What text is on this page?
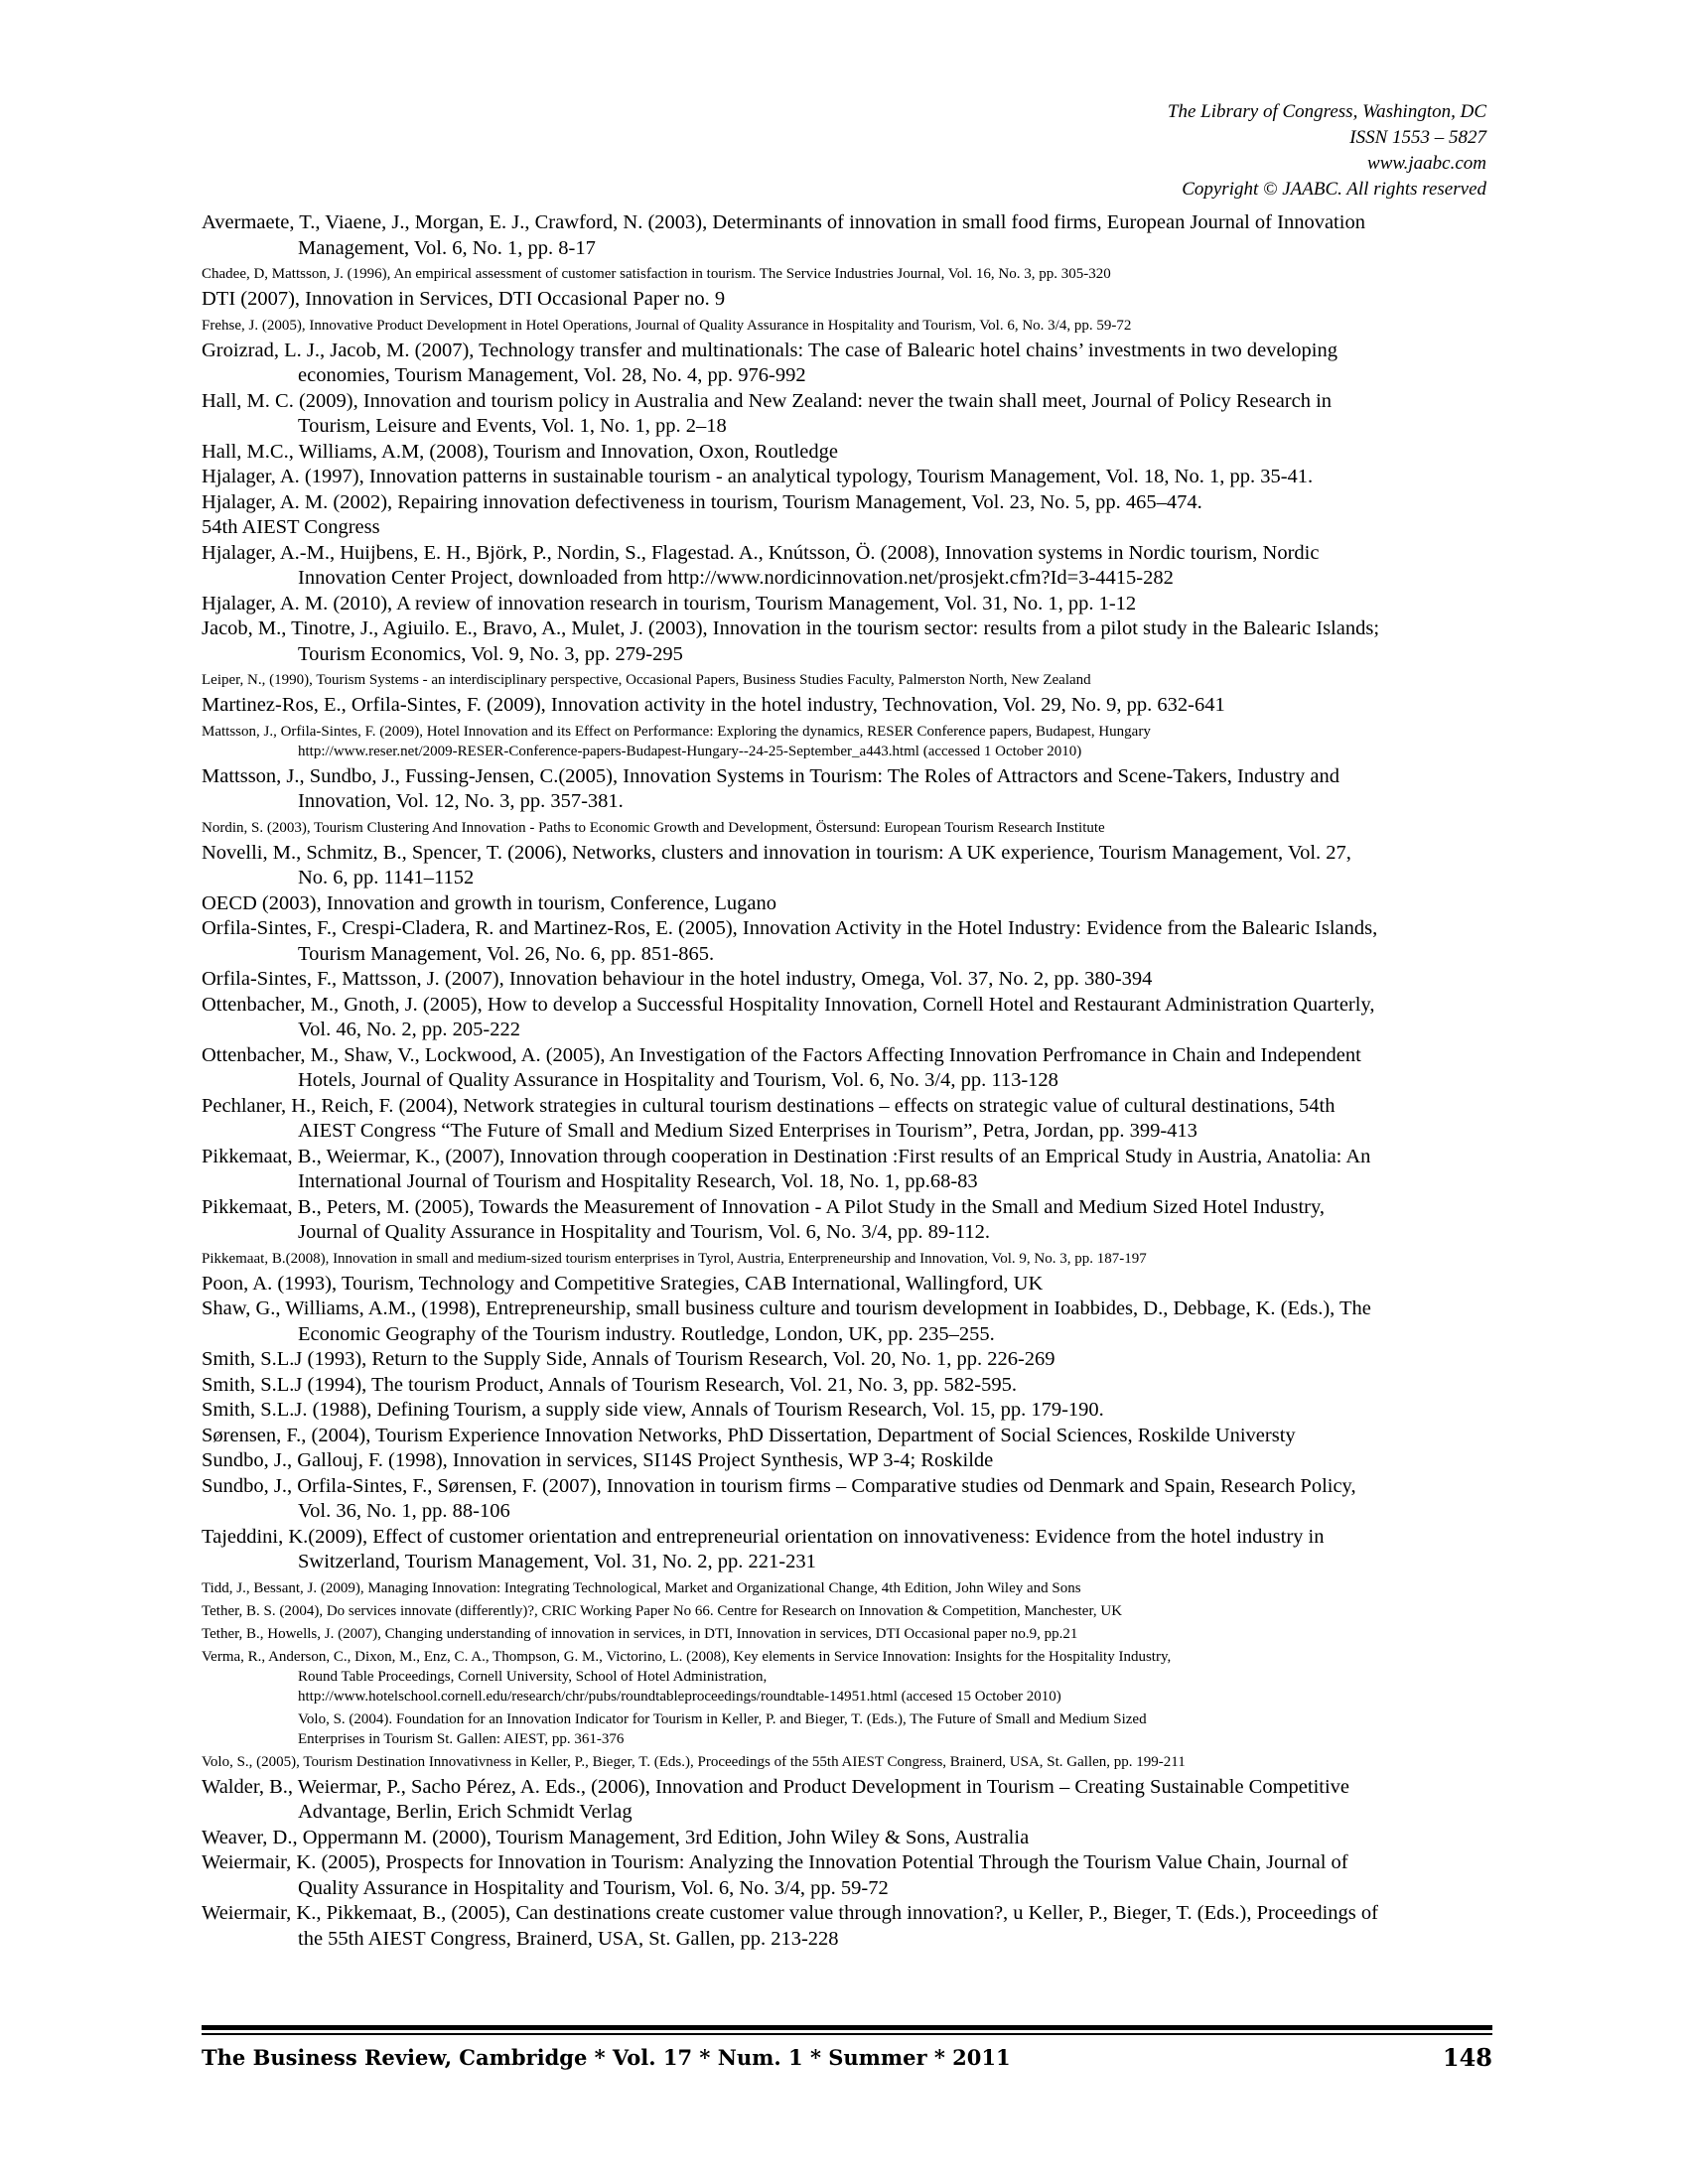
The Library of Congress, Washington, DC
ISSN 1553 – 5827
www.jaabc.com
Copyright © JAABC. All rights reserved
Avermaete, T., Viaene, J., Morgan, E. J., Crawford, N. (2003), Determinants of innovation in small food firms, European Journal of Innovation
Management, Vol. 6, No. 1, pp. 8-17
Chadee, D, Mattsson, J. (1996), An empirical assessment of customer satisfaction in tourism. The Service Industries Journal, Vol. 16, No. 3, pp. 305-320
DTI (2007), Innovation in Services, DTI Occasional Paper no. 9
Frehse, J. (2005), Innovative Product Development in Hotel Operations, Journal of Quality Assurance in Hospitality and Tourism, Vol. 6, No. 3/4, pp. 59-72
Groizrad, L. J., Jacob, M. (2007), Technology transfer and multinationals: The case of Balearic hotel chains’ investments in two developing
economies, Tourism Management, Vol. 28, No. 4, pp. 976-992
Hall, M. C. (2009), Innovation and tourism policy in Australia and New Zealand: never the twain shall meet, Journal of Policy Research in
Tourism, Leisure and Events, Vol. 1, No. 1, pp. 2–18
Hall, M.C., Williams, A.M, (2008), Tourism and Innovation, Oxon, Routledge
Hjalager, A. (1997), Innovation patterns in sustainable tourism - an analytical typology, Tourism Management, Vol. 18, No. 1, pp. 35-41.
Hjalager, A. M. (2002), Repairing innovation defectiveness in tourism, Tourism Management, Vol. 23, No. 5, pp. 465–474.
54th AIEST Congress
Hjalager, A.-M., Huijbens, E. H., Björk, P., Nordin, S., Flagestad. A., Knútsson, Ö. (2008), Innovation systems in Nordic tourism, Nordic
Innovation Center Project, downloaded from http://www.nordicinnovation.net/prosjekt.cfm?Id=3-4415-282
Hjalager, A. M. (2010), A review of innovation research in tourism, Tourism Management, Vol. 31, No. 1, pp. 1-12
Jacob, M., Tinotre, J., Agiuilo. E., Bravo, A., Mulet, J. (2003), Innovation in the tourism sector: results from a pilot study in the Balearic Islands;
Tourism Economics, Vol. 9, No. 3, pp. 279-295
Leiper, N., (1990), Tourism Systems - an interdisciplinary perspective, Occasional Papers, Business Studies Faculty, Palmerston North, New Zealand
Martinez-Ros, E., Orfila-Sintes, F. (2009), Innovation activity in the hotel industry, Technovation, Vol. 29, No. 9, pp. 632-641
Mattsson, J., Orfila-Sintes, F. (2009), Hotel Innovation and its Effect on Performance: Exploring the dynamics, RESER Conference papers, Budapest, Hungary
http://www.reser.net/2009-RESER-Conference-papers-Budapest-Hungary--24-25-September_a443.html (accessed 1 October 2010)
Mattsson, J., Sundbo, J., Fussing-Jensen, C.(2005), Innovation Systems in Tourism: The Roles of Attractors and Scene-Takers, Industry and
Innovation, Vol. 12, No. 3, pp. 357-381.
Nordin, S. (2003), Tourism Clustering And Innovation - Paths to Economic Growth and Development, Östersund: European Tourism Research Institute
Novelli, M., Schmitz, B., Spencer, T. (2006), Networks, clusters and innovation in tourism: A UK experience, Tourism Management, Vol. 27,
No. 6, pp. 1141–1152
OECD (2003), Innovation and growth in tourism, Conference, Lugano
Orfila-Sintes, F., Crespi-Cladera, R. and Martinez-Ros, E. (2005), Innovation Activity in the Hotel Industry: Evidence from the Balearic Islands,
Tourism Management, Vol. 26, No. 6, pp. 851-865.
Orfila-Sintes, F., Mattsson, J. (2007), Innovation behaviour in the hotel industry, Omega, Vol. 37, No. 2, pp. 380-394
Ottenbacher, M., Gnoth, J. (2005), How to develop a Successful Hospitality Innovation, Cornell Hotel and Restaurant Administration Quarterly,
Vol. 46, No. 2, pp. 205-222
Ottenbacher, M., Shaw, V., Lockwood, A. (2005), An Investigation of the Factors Affecting Innovation Perfromance in Chain and Independent
Hotels, Journal of Quality Assurance in Hospitality and Tourism, Vol. 6, No. 3/4, pp. 113-128
Pechlaner, H., Reich, F. (2004), Network strategies in cultural tourism destinations – effects on strategic value of cultural destinations, 54th
AIEST Congress “The Future of Small and Medium Sized Enterprises in Tourism”, Petra, Jordan, pp. 399-413
Pikkemaat, B., Weiermar, K., (2007), Innovation through cooperation in Destination :First results of an Emprical Study in Austria, Anatolia: An
International Journal of Tourism and Hospitality Research, Vol. 18, No. 1, pp.68-83
Pikkemaat, B., Peters, M. (2005), Towards the Measurement of Innovation - A Pilot Study in the Small and Medium Sized Hotel Industry,
Journal of Quality Assurance in Hospitality and Tourism, Vol. 6, No. 3/4, pp. 89-112.
Pikkemaat, B.(2008), Innovation in small and medium-sized tourism enterprises in Tyrol, Austria, Enterpreneurship and Innovation, Vol. 9, No. 3, pp. 187-197
Poon, A. (1993), Tourism, Technology and Competitive Srategies, CAB International, Wallingford, UK
Shaw, G., Williams, A.M., (1998), Entrepreneurship, small business culture and tourism development in Ioabbides, D., Debbage, K. (Eds.), The
Economic Geography of the Tourism industry. Routledge, London, UK, pp. 235–255.
Smith, S.L.J (1993), Return to the Supply Side, Annals of Tourism Research, Vol. 20, No. 1, pp. 226-269
Smith, S.L.J (1994), The tourism Product, Annals of Tourism Research, Vol. 21, No. 3, pp. 582-595.
Smith, S.L.J. (1988), Defining Tourism, a supply side view, Annals of Tourism Research, Vol. 15, pp. 179-190.
Sørensen, F., (2004), Tourism Experience Innovation Networks, PhD Dissertation, Department of Social Sciences, Roskilde Universty
Sundbo, J., Gallouj, F. (1998), Innovation in services, SI14S Project Synthesis, WP 3-4; Roskilde
Sundbo, J., Orfila-Sintes, F., Sørensen, F. (2007), Innovation in tourism firms – Comparative studies od Denmark and Spain, Research Policy,
Vol. 36, No. 1, pp. 88-106
Tajeddini, K.(2009), Effect of customer orientation and entrepreneurial orientation on innovativeness: Evidence from the hotel industry in
Switzerland, Tourism Management, Vol. 31, No. 2, pp. 221-231
Tidd, J., Bessant, J. (2009), Managing Innovation: Integrating Technological, Market and Organizational Change, 4th Edition, John Wiley and Sons
Tether, B. S. (2004), Do services innovate (differently)?, CRIC Working Paper No 66. Centre for Research on Innovation & Competition, Manchester, UK
Tether, B., Howells, J. (2007), Changing understanding of innovation in services, in DTI, Innovation in services, DTI Occasional paper no.9, pp.21
Verma, R., Anderson, C., Dixon, M., Enz, C. A., Thompson, G. M., Victorino, L. (2008), Key elements in Service Innovation: Insights for the Hospitality Industry,
Round Table Proceedings, Cornell University, School of Hotel Administration,
http://www.hotelschool.cornell.edu/research/chr/pubs/roundtableproceedings/roundtable-14951.html (accesed 15 October 2010)
Volo, S. (2004). Foundation for an Innovation Indicator for Tourism in Keller, P. and Bieger, T. (Eds.), The Future of Small and Medium Sized
Enterprises in Tourism St. Gallen: AIEST, pp. 361-376
Volo, S., (2005), Tourism Destination Innovativness in Keller, P., Bieger, T. (Eds.), Proceedings of the 55th AIEST Congress, Brainerd, USA, St. Gallen, pp. 199-211
Walder, B., Weiermar, P., Sacho Pérez, A. Eds., (2006), Innovation and Product Development in Tourism – Creating Sustainable Competitive
Advantage, Berlin, Erich Schmidt Verlag
Weaver, D., Oppermann M. (2000), Tourism Management, 3rd Edition, John Wiley & Sons, Australia
Weiermair, K. (2005), Prospects for Innovation in Tourism: Analyzing the Innovation Potential Through the Tourism Value Chain, Journal of
Quality Assurance in Hospitality and Tourism, Vol. 6, No. 3/4, pp. 59-72
Weiermair, K., Pikkemaat, B., (2005), Can destinations create customer value through innovation?, u Keller, P., Bieger, T. (Eds.), Proceedings of
the 55th AIEST Congress, Brainerd, USA, St. Gallen, pp. 213-228
The Business Review, Cambridge * Vol. 17 * Num. 1 * Summer * 2011	148
